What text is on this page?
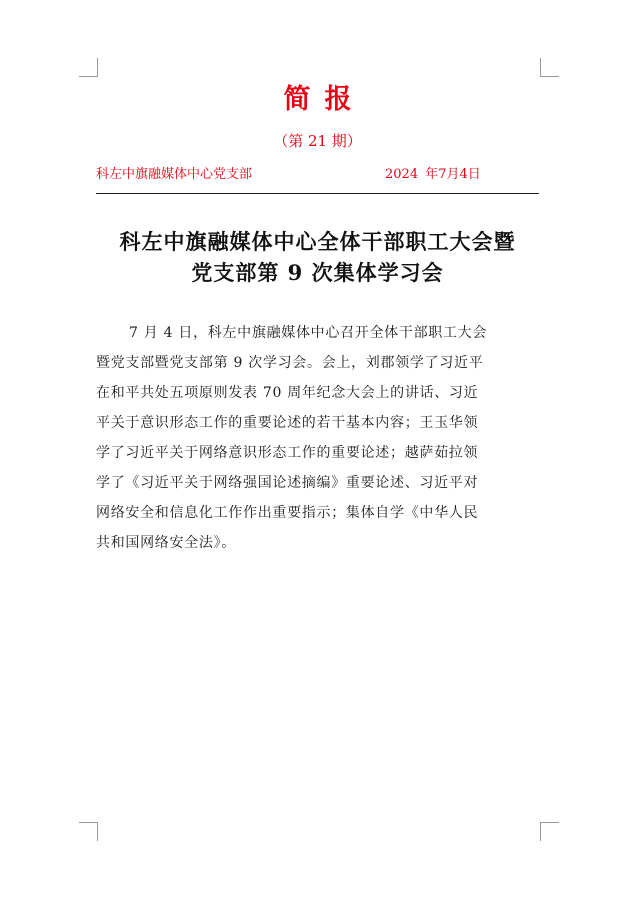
简报
（第 21 期）
科左中旗融媒体中心党支部	2024 年7月4日
科左中旗融媒体中心全体干部职工大会暨
党支部第 9 次集体学习会
7 月 4 日，科左中旗融媒体中心召开全体干部职工大会
暨党支部暨党支部第 9 次学习会。会上，刘郡领学了习近平
在和平共处五项原则发表 70 周年纪念大会上的讲话、习近
平关于意识形态工作的重要论述的若干基本内容；王玉华领
学了习近平关于网络意识形态工作的重要论述；越萨茹拉领
学了《习近平关于网络强国论述摘编》重要论述、习近平对
网络安全和信息化工作作出重要指示；集体自学《中华人民
共和国网络安全法》。
